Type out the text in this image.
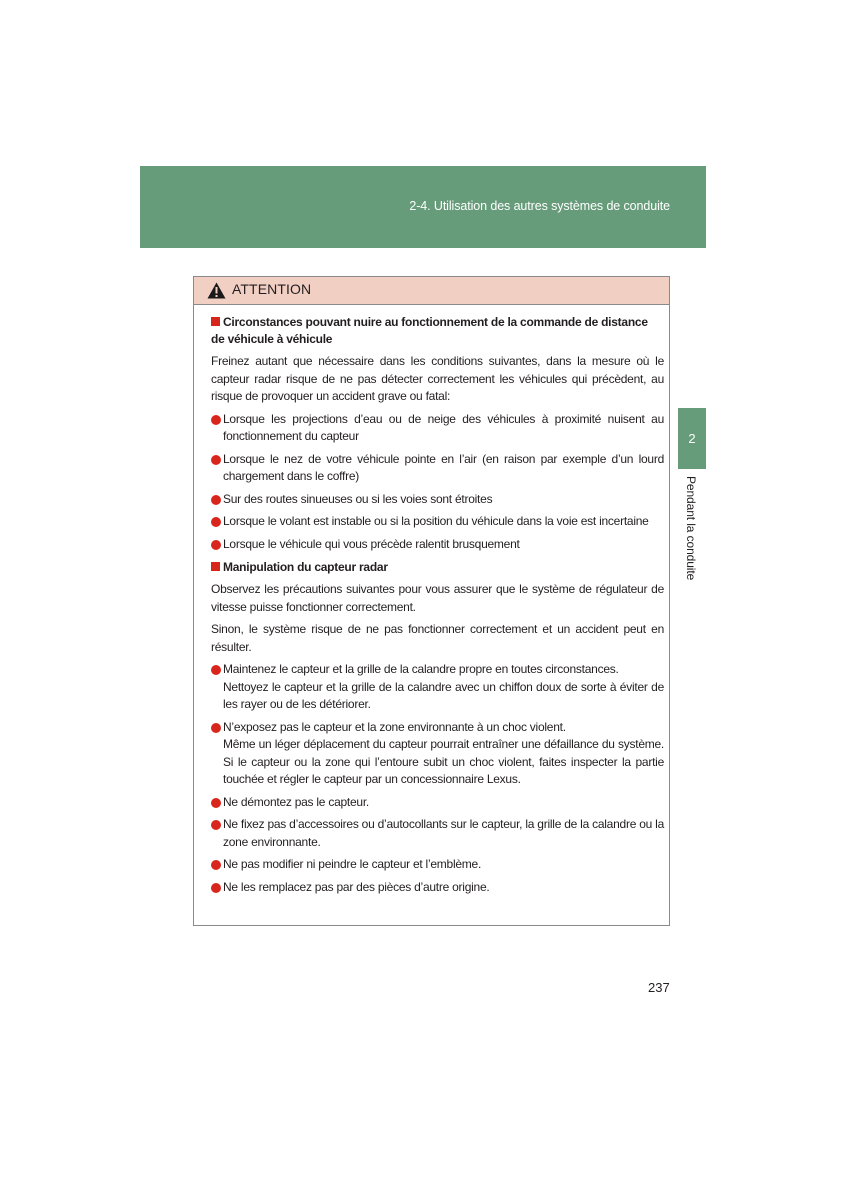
2-4. Utilisation des autres systèmes de conduite
2
Pendant la conduite
ATTENTION
Circonstances pouvant nuire au fonctionnement de la commande de distance de véhicule à véhicule
Freinez autant que nécessaire dans les conditions suivantes, dans la mesure où le capteur radar risque de ne pas détecter correctement les véhicules qui précèdent, au risque de provoquer un accident grave ou fatal:
Lorsque les projections d’eau ou de neige des véhicules à proximité nuisent au fonctionnement du capteur
Lorsque le nez de votre véhicule pointe en l’air (en raison par exemple d’un lourd chargement dans le coffre)
Sur des routes sinueuses ou si les voies sont étroites
Lorsque le volant est instable ou si la position du véhicule dans la voie est incertaine
Lorsque le véhicule qui vous précède ralentit brusquement
Manipulation du capteur radar
Observez les précautions suivantes pour vous assurer que le système de régulateur de vitesse puisse fonctionner correctement.
Sinon, le système risque de ne pas fonctionner correctement et un accident peut en résulter.
Maintenez le capteur et la grille de la calandre propre en toutes circonstances.
Nettoyez le capteur et la grille de la calandre avec un chiffon doux de sorte à éviter de les rayer ou de les détériorer.
N’exposez pas le capteur et la zone environnante à un choc violent.
Même un léger déplacement du capteur pourrait entraîner une défaillance du système. Si le capteur ou la zone qui l’entoure subit un choc violent, faites inspecter la partie touchée et régler le capteur par un concessionnaire Lexus.
Ne démontez pas le capteur.
Ne fixez pas d’accessoires ou d’autocollants sur le capteur, la grille de la calandre ou la zone environnante.
Ne pas modifier ni peindre le capteur et l’emblème.
Ne les remplacez pas par des pièces d’autre origine.
237
